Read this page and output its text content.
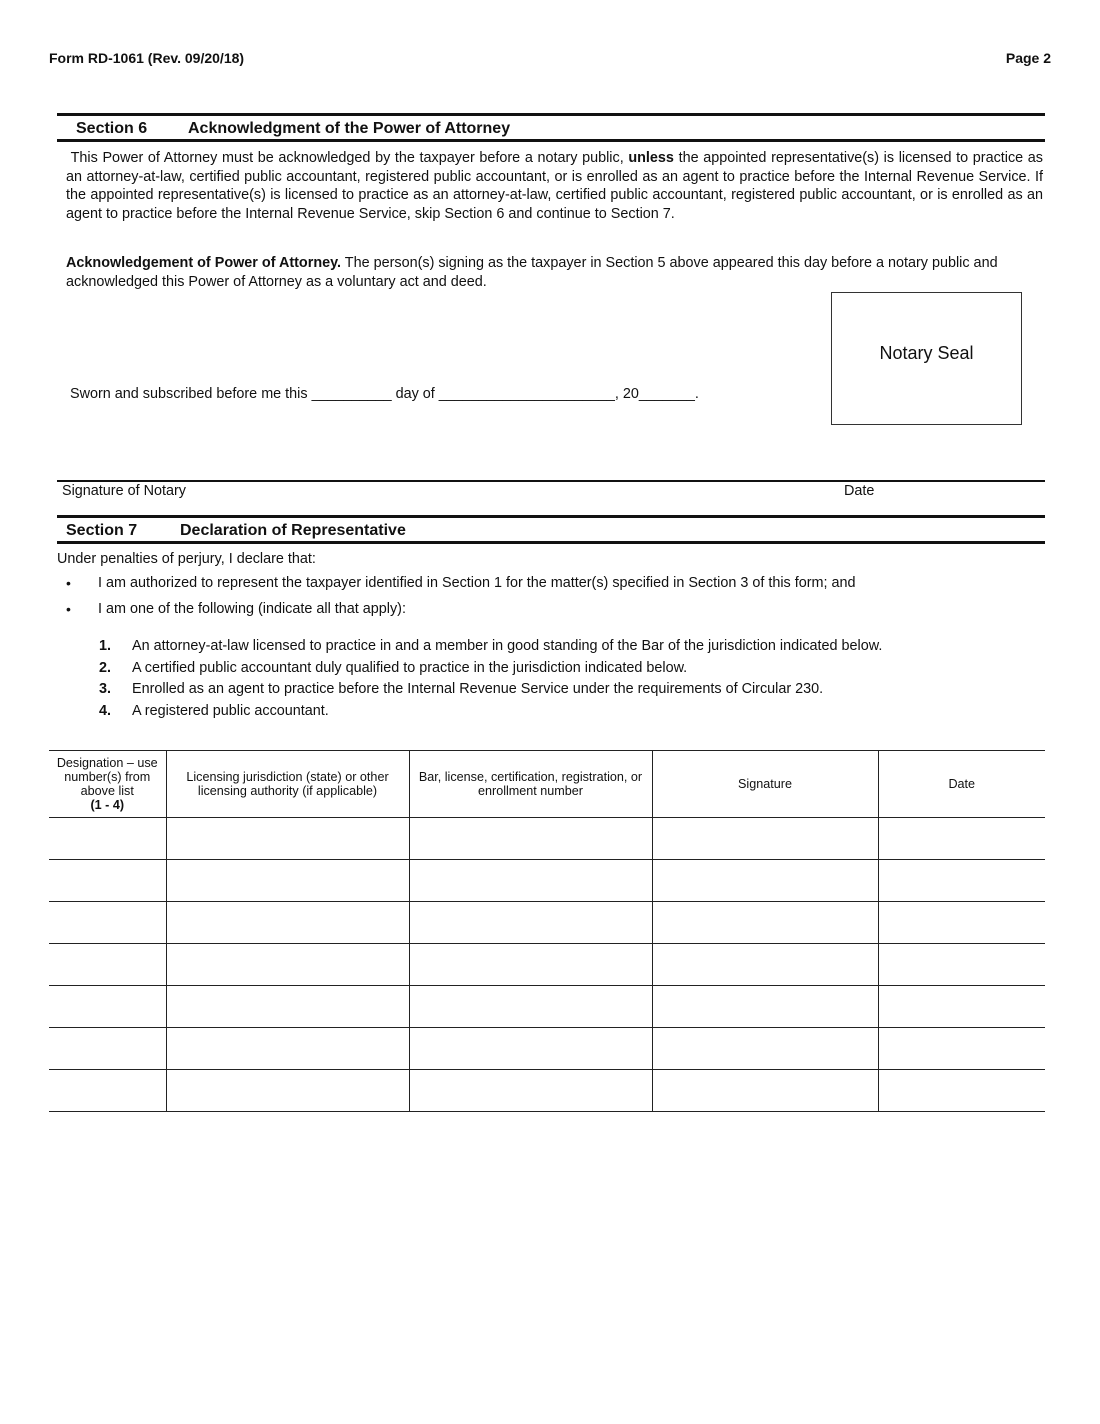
Form RD-1061 (Rev. 09/20/18)	Page 2
Section 6	Acknowledgment of the Power of Attorney
This Power of Attorney must be acknowledged by the taxpayer before a notary public, unless the appointed representative(s) is licensed to practice as an attorney-at-law, certified public accountant, registered public accountant, or is enrolled as an agent to practice before the Internal Revenue Service. If the appointed representative(s) is licensed to practice as an attorney-at-law, certified public accountant, registered public accountant, or is enrolled as an agent to practice before the Internal Revenue Service, skip Section 6 and continue to Section 7.
Acknowledgement of Power of Attorney. The person(s) signing as the taxpayer in Section 5 above appeared this day before a notary public and acknowledged this Power of Attorney as a voluntary act and deed.
Notary Seal
Sworn and subscribed before me this __________ day of ______________________, 20_______.
Signature of Notary	Date
Section 7	Declaration of Representative
Under penalties of perjury, I declare that:
• I am authorized to represent the taxpayer identified in Section 1 for the matter(s) specified in Section 3 of this form; and
• I am one of the following (indicate all that apply):
1. An attorney-at-law licensed to practice in and a member in good standing of the Bar of the jurisdiction indicated below.
2. A certified public accountant duly qualified to practice in the jurisdiction indicated below.
3. Enrolled as an agent to practice before the Internal Revenue Service under the requirements of Circular 230.
4. A registered public accountant.
Designation – use number(s) from above list
(1 - 4)	Licensing jurisdiction (state) or other licensing authority (if applicable)	Bar, license, certification, registration, or enrollment number	Signature	Date
